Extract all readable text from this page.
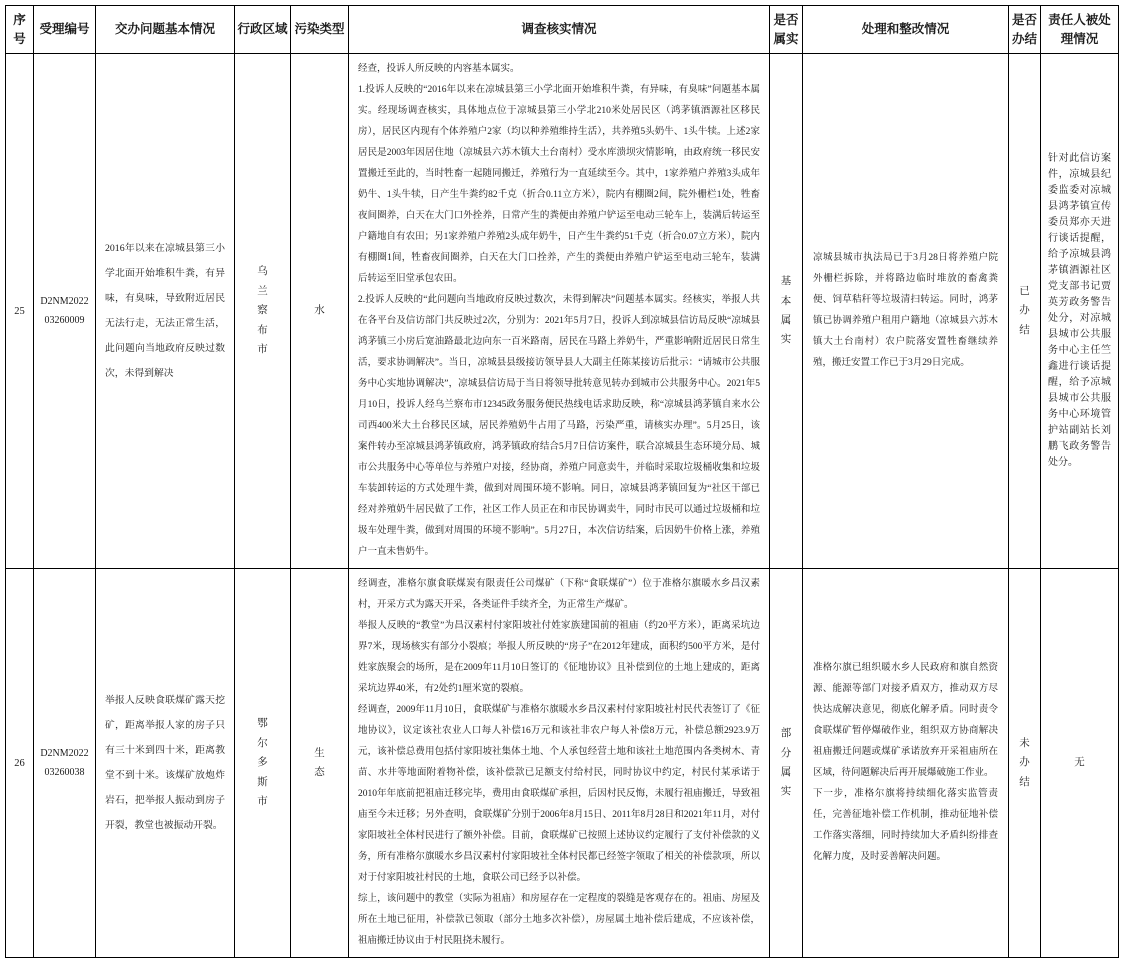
序号	受理编号	交办问题基本情况	行政区域	污染类型	调查核实情况	是否属实	处理和整改情况	是否办结	责任人被处理情况
25	D2NM202203260009	2016年以来在凉城县第三小学北面开始堆积牛粪，有异味，有臭味，导致附近居民无法行走，无法正常生活，此问题向当地政府反映过数次，未得到解决	乌兰察布市	水	经查，投诉人所反映的内容基本属实。
1.投诉人反映的“2016年以来在凉城县第三小学北面开始堆积牛粪，有异味，有臭味”问题基本属实。经现场调查核实，具体地点位于凉城县第三小学北210米处居民区（鸿茅镇酒源社区移民房），居民区内现有个体养殖户2家（均以种养殖维持生活），共养殖5头奶牛、1头牛犊。上述2家居民是2003年因居住地（凉城县六苏木镇大土台南村）受水库溃坝灾情影响，由政府统一移民安置搬迁至此的，当时牲畜一起随同搬迁，养殖行为一直延续至今。其中，1家养殖户养殖3头成年奶牛、1头牛犊，日产生牛粪约82千克（折合0.11立方米），院内有棚圈2间，院外栅栏1处，牲畜夜间圈养，白天在大门口外拴养，日常产生的粪便由养殖户铲运至电动三轮车上，装满后转运至户籍地自有农田；另1家养殖户养殖2头成年奶牛，日产生牛粪约51千克（折合0.07立方米），院内有棚圈1间，牲畜夜间圈养，白天在大门口拴养，产生的粪便由养殖户铲运至电动三轮车，装满后转运至旧堂承包农田。
2.投诉人反映的“此问题向当地政府反映过数次，未得到解决”问题基本属实。经核实，举报人共在各平台及信访部门共反映过2次，分别为：2021年5月7日，投诉人到凉城县信访局反映“凉城县鸿茅镇三小房后宽油路最北边向东一百米路南，居民在马路上养奶牛，严重影响附近居民日常生活，要求协调解决”。当日，凉城县县级接访领导县人大副主任陈某接访后批示：“请城市公共服务中心实地协调解决”，凉城县信访局于当日将领导批转意见转办到城市公共服务中心。2021年5月10日，投诉人经乌兰察布市12345政务服务便民热线电话求助反映，称“凉城县鸿茅镇自来水公司西400米大土台移民区域，居民养殖奶牛占用了马路，污染严重，请核实办理”。5月25日，该案件转办至凉城县鸿茅镇政府，鸿茅镇政府结合5月7日信访案件，联合凉城县生态环境分局、城市公共服务中心等单位与养殖户对接，经协商，养殖户同意卖牛，并临时采取垃圾桶收集和垃圾车装卸转运的方式处理牛粪，做到对周围环境不影响。同日，凉城县鸿茅镇回复为“社区干部已经对养殖奶牛居民做了工作，社区工作人员正在和市民协调卖牛，同时市民可以通过垃圾桶和垃圾车处理牛粪，做到对周围的环境不影响”。5月27日，本次信访结案，后因奶牛价格上涨，养殖户一直未售奶牛。	基本属实	凉城县城市执法局已于3月28日将养殖户院外栅栏拆除，并将路边临时堆放的畜禽粪便、饲草秸秆等垃圾清扫转运。同时，鸿茅镇已协调养殖户租用户籍地（凉城县六苏木镇大土台南村）农户院落安置牲畜继续养殖，搬迁安置工作已于3月29日完成。	已办结	针对此信访案件，凉城县纪委监委对凉城县鸿茅镇宣传委员郑亦天进行谈话提醒，给予凉城县鸿茅镇酒源社区党支部书记贾英芳政务警告处分，对凉城县城市公共服务中心主任竺鑫进行谈话提醒，给予凉城县城市公共服务中心环境管护站副站长刘鹏飞政务警告处分。
26	D2NM202203260038	举报人反映食联煤矿露天挖矿，距离举报人家的房子只有三十米到四十米，距离教堂不到十米。该煤矿放炮炸岩石，把举报人振动到房子开裂，教堂也被振动开裂。	鄂尔多斯市	生态	
经调查，准格尔旗食联煤炭有限责任公司煤矿（下称“食联煤矿”）位于准格尔旗暖水乡昌汉素村，开采方式为露天开采，各类证件手续齐全，为正常生产煤矿。
举报人反映的“教堂”为昌汉素村付家阳坡社付姓家族建国前的祖庙（约20平方米），距离采坑边界7米，现场核实有部分小裂痕；举报人所反映的“房子”在2012年建成，面积约500平方米，是付姓家族聚会的场所，是在2009年11月10日签订的《征地协议》且补偿到位的土地上建成的，距离采坑边界40米，有2处约1厘米宽的裂痕。
经调查，2009年11月10日，食联煤矿与准格尔旗暖水乡昌汉素村付家阳坡社村民代表签订了《征地协议》，议定该社农业人口每人补偿16万元和该社非农户每人补偿8万元，补偿总额2923.9万元，该补偿总费用包括付家阳坡社集体土地、个人承包经营土地和该社土地范围内各类树木、青苗、水井等地面附着物补偿，该补偿款已足额支付给村民，同时协议中约定，村民付某承诺于2010年年底前把祖庙迁移完毕，费用由食联煤矿承担，后因村民反悔，未履行祖庙搬迁，导致祖庙至今未迁移；另外查明，食联煤矿分别于2006年8月15日、2011年8月28日和2021年11月，对付家阳坡社全体村民进行了额外补偿。目前，食联煤矿已按照上述协议约定履行了支付补偿款的义务，所有准格尔旗暖水乡昌汉素村付家阳坡社全体村民都已经签字领取了相关的补偿款项，所以对于付家阳坡社村民的土地，食联公司已经予以补偿。
综上，该问题中的教堂（实际为祖庙）和房屋存在一定程度的裂缝是客观存在的。祖庙、房屋及所在土地已征用，补偿款已领取（部分土地多次补偿），房屋属土地补偿后建成，不应该补偿，祖庙搬迁协议由于村民阻挠未履行。
	部分属实	
准格尔旗已组织暖水乡人民政府和旗自然资源、能源等部门对接矛盾双方，推动双方尽快达成解决意见，彻底化解矛盾。同时责令食联煤矿暂停爆破作业，组织双方协商解决祖庙搬迁问题或煤矿承诺放弃开采祖庙所在区域，待问题解决后再开展爆破施工作业。
下一步，准格尔旗将持续细化落实监管责任，完善征地补偿工作机制，推动征地补偿工作落实落细，同时持续加大矛盾纠纷排查化解力度，及时妥善解决问题。
	未办结	无
